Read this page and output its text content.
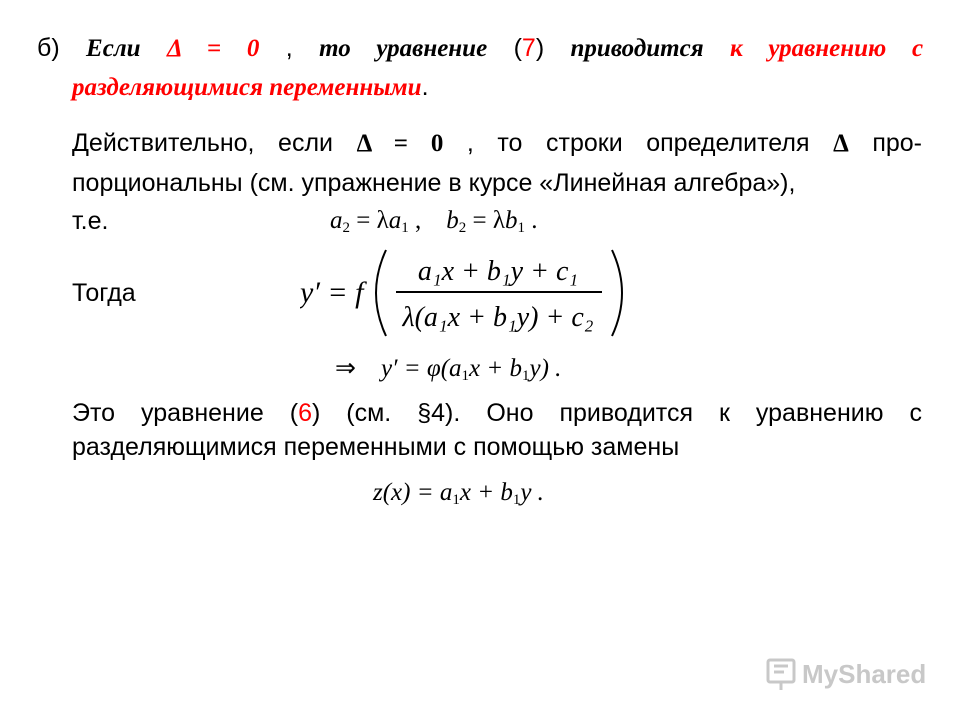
б) Если Δ = 0 , то уравнение (7) приводится к уравнению с
разделяющимися переменными.
Действительно, если Δ = 0 , то строки определителя Δ про-
порциональны (см. упражнение в курсе «Линейная алгебра»),
т.е.	$a_2 = \lambda a_1$ ,    $b_2 = \lambda b_1$ .
Тогда	y′ = f
a₁x + b₁y + c₁
λ(a₁x + b₁y) + c₂
⇒ $y' = \varphi(a_1x + b_1y)$ .
Это уравнение (6) (см. §4). Оно приводится к уравнению с
разделяющимися переменными с помощью замены
$z(x) = a_1x + b_1y$ .
MyShared
